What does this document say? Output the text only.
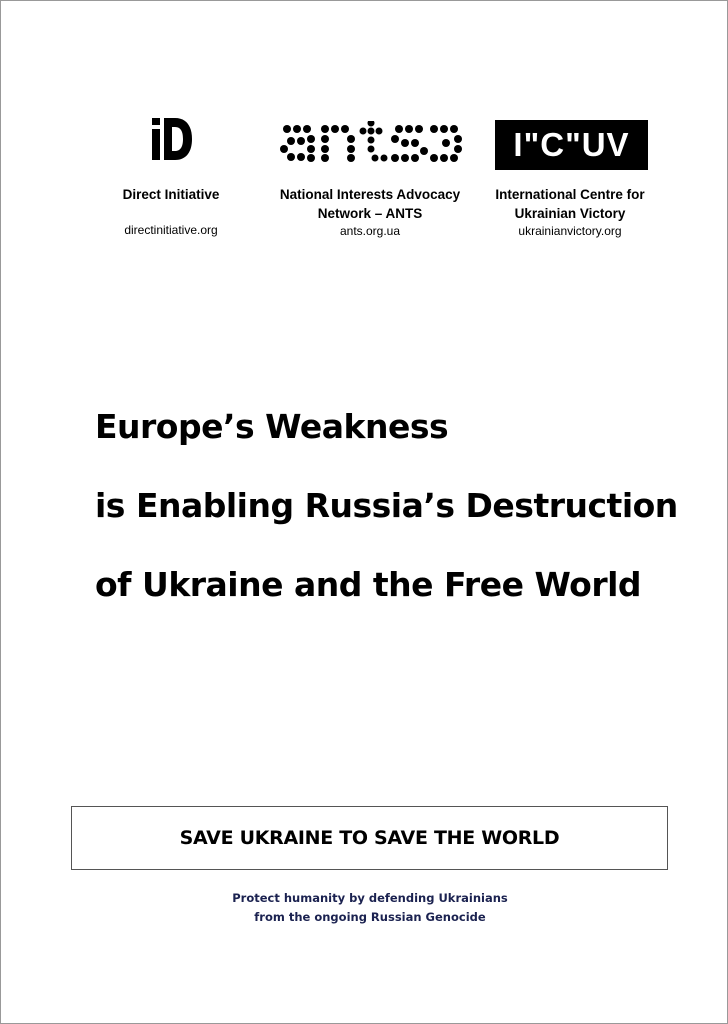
I"C"UV
Direct Initiative
directinitiative.org
National Interests Advocacy
Network – ANTS
ants.org.ua
International Centre for
Ukrainian Victory
ukrainianvictory.org
Europe’s Weakness
is Enabling Russia’s Destruction
of Ukraine and the Free World
SAVE UKRAINE TO SAVE THE WORLD
Protect humanity by defending Ukrainians
from the ongoing Russian Genocide
